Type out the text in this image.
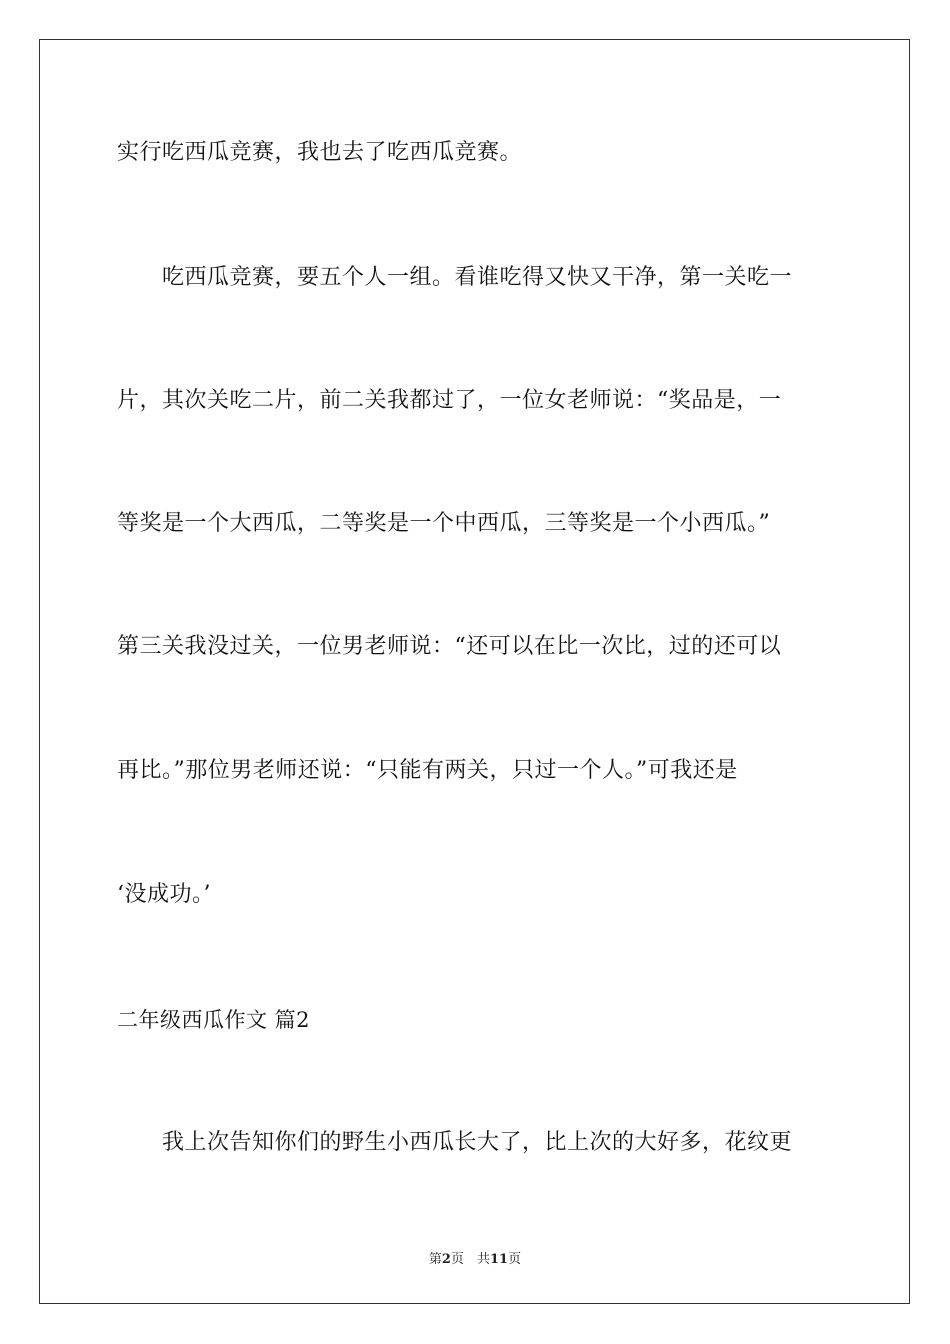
实行吃西瓜竞赛，我也去了吃西瓜竞赛。
　　吃西瓜竞赛，要五个人一组。看谁吃得又快又干净，第一关吃一
片，其次关吃二片，前二关我都过了，一位女老师说：“奖品是，一
等奖是一个大西瓜，二等奖是一个中西瓜，三等奖是一个小西瓜。”
第三关我没过关，一位男老师说：“还可以在比一次比，过的还可以
再比。”那位男老师还说：“只能有两关，只过一个人。”可我还是
‘没成功。’
二年级西瓜作文 篇2
　　我上次告知你们的野生小西瓜长大了，比上次的大好多，花纹更
第2页　共11页
